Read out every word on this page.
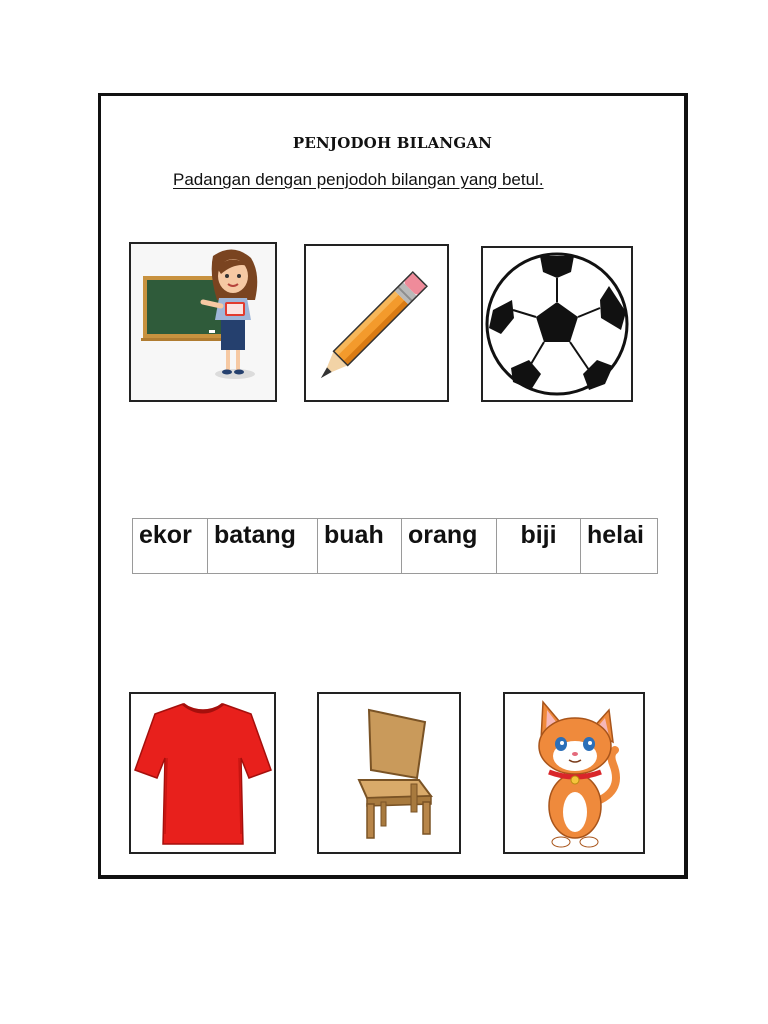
PENJODOH BILANGAN
Padangan dengan penjodoh bilangan yang betul.
ekor	batang	buah	orang	biji	helai
